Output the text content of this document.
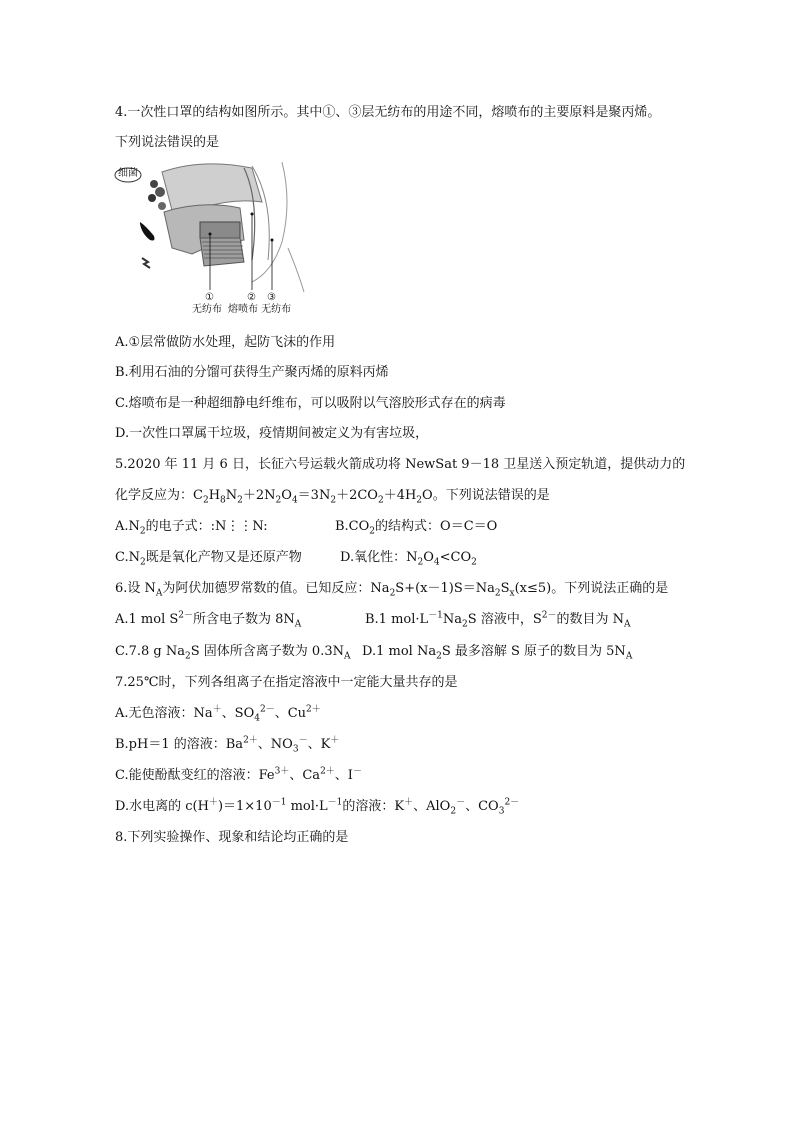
4.一次性口罩的结构如图所示。其中①、③层无纺布的用途不同，熔喷布的主要原料是聚丙烯。
下列说法错误的是
细菌
①	② ③
无纺布 熔喷布 无纺布
A.①层常做防水处理，起防飞沫的作用
B.利用石油的分馏可获得生产聚丙烯的原料丙烯
C.熔喷布是一种超细静电纤维布，可以吸附以气溶胶形式存在的病毒
D.一次性口罩属干垃圾，疫情期间被定义为有害垃圾，
5.2020 年 11 月 6 日，长征六号运载火箭成功将 NewSat 9－18 卫星送入预定轨道，提供动力的
化学反应为：$C_2H_8N_2+2N_2O_4=3N_2+2CO_2+4H_2O$。下列说法错误的是
$A.N_2$的电子式：:N⋮⋮N:	$B.CO_2$的结构式：O＝C＝O
$C.N_2$既是氧化产物又是还原产物	D.氧化性：$N_2O_4<CO_2$
6.设 $N_A$为阿伏加德罗常数的值。已知反应：$Na_2S+(x-1)S=Na_2S_x(x\le 5)$。下列说法正确的是
A.1 mol $S^{2-}$所含电子数为 $8N_A$	B.1 $mol\cdot L^{-1}Na_2S$ 溶液中，$S^{2-}$的数目为 $N_A$
C.7.8 g $Na_2S$ 固体所含离子数为 $0.3N_A$ D.1 mol $Na_2S$ 最多溶解 S 原子的数目为 $5N_A$
7.25℃时，下列各组离子在指定溶液中一定能大量共存的是
A.无色溶液：Na＋、$SO_4^{2-}$、$Cu^{2+}$
B.pH＝1 的溶液：$Ba^{2+}$、$NO_3^-$、K＋
C.能使酚酞变红的溶液：$Fe^{3+}$、$Ca^{2+}$、I－
D.水电离的 $c(H^+)=1\times 10^{-1}$ $mol\cdot L^{-1}$的溶液：K＋、AlO$_2$－、$CO_3^{2-}$
8.下列实验操作、现象和结论均正确的是
